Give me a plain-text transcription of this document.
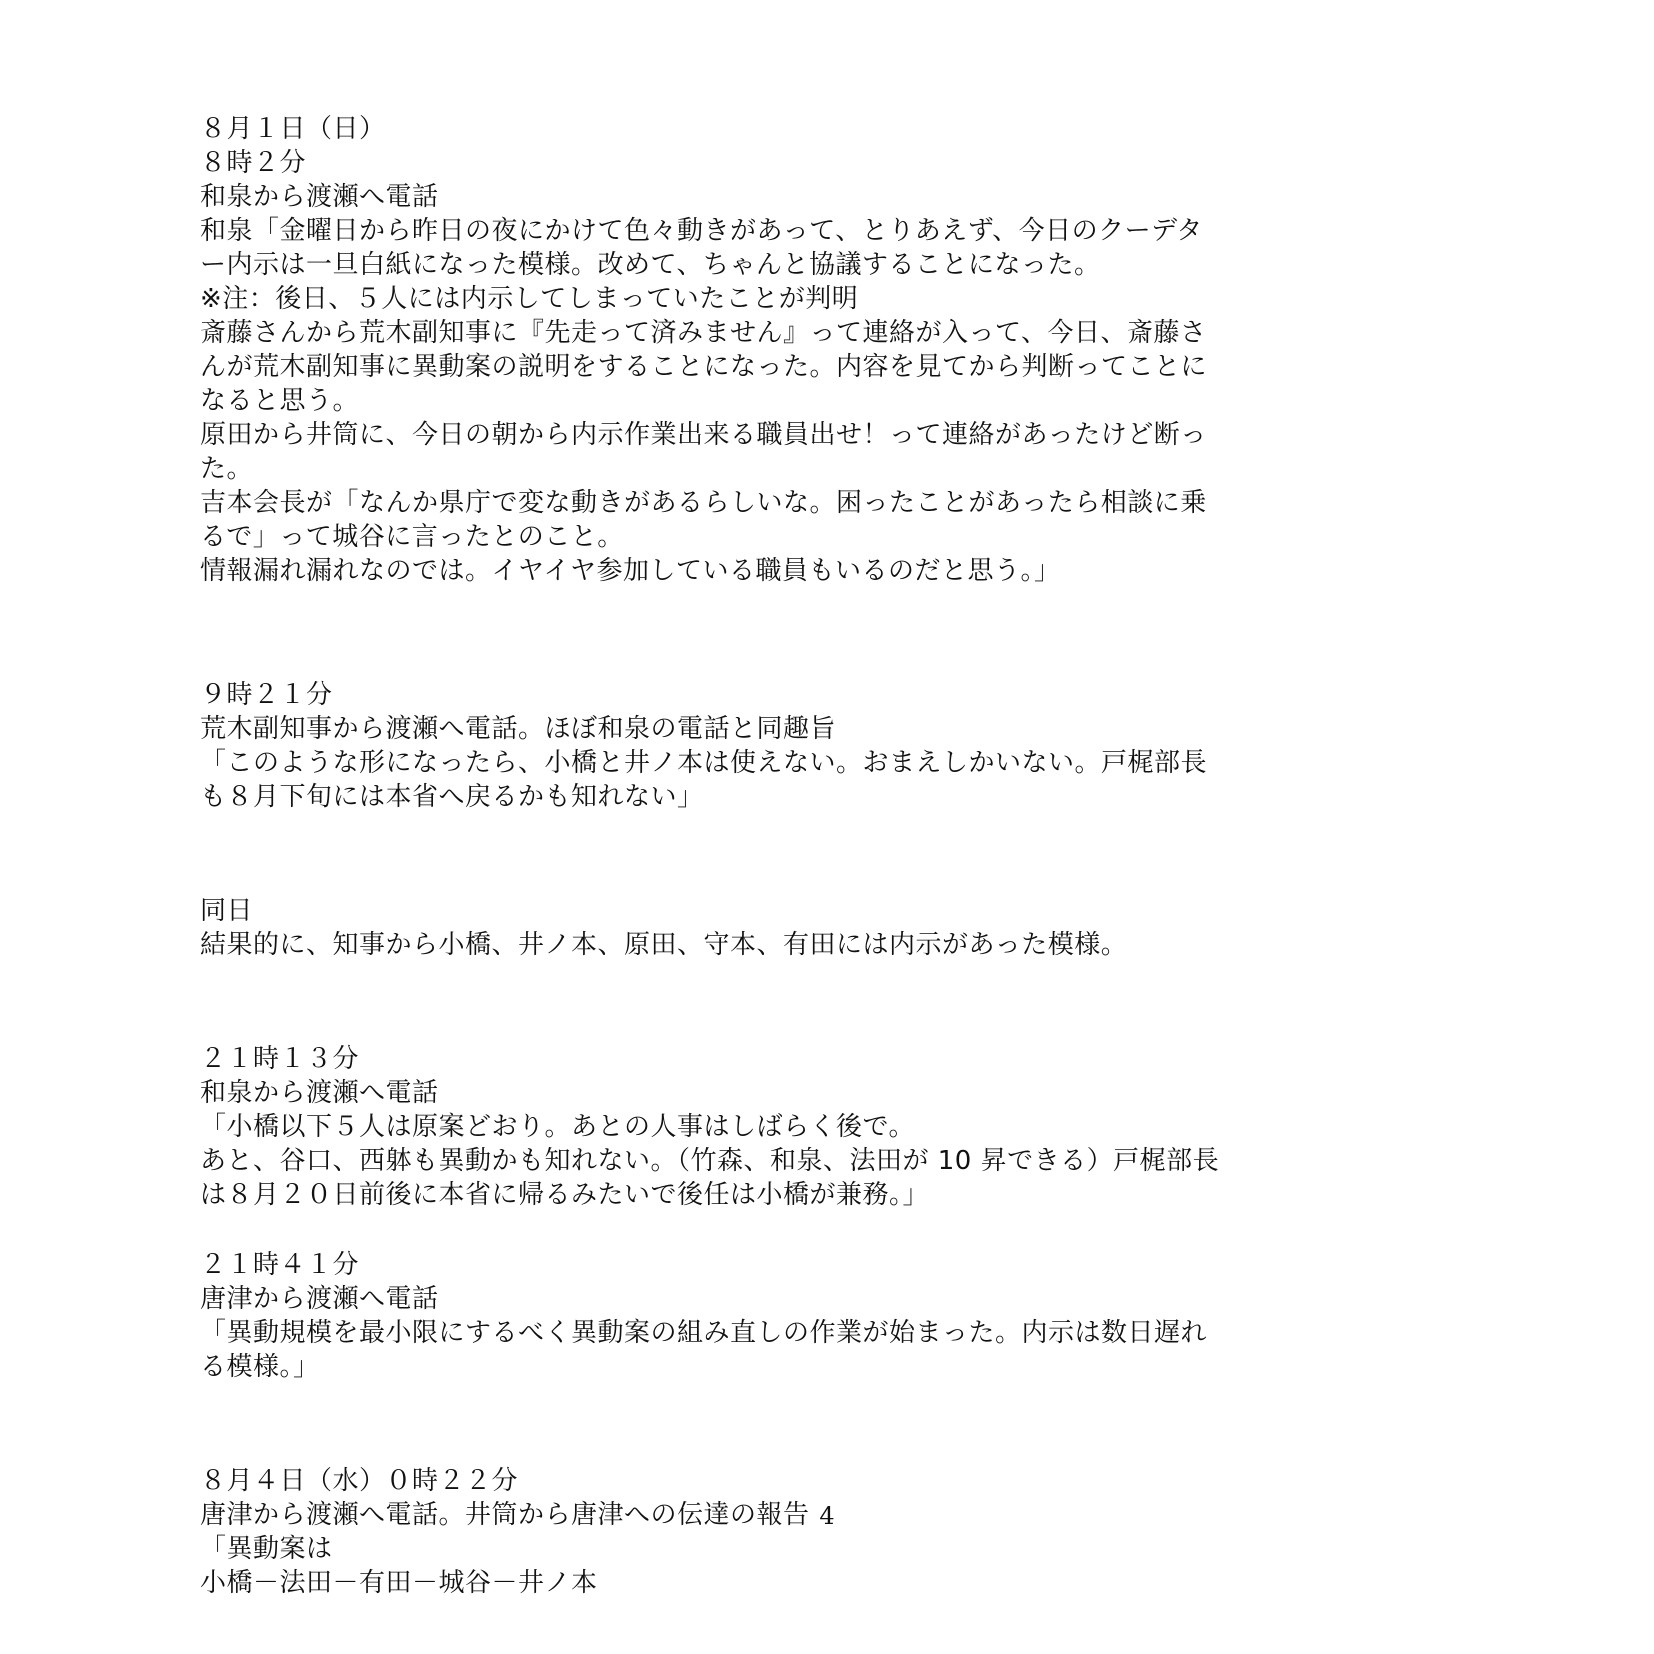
８月１日（日）
８時２分
和泉から渡瀬へ電話
和泉「金曜日から昨日の夜にかけて色々動きがあって、とりあえず、今日のクーデタ
ー内示は一旦白紙になった模様。改めて、ちゃんと協議することになった。
※注：後日、５人には内示してしまっていたことが判明
斎藤さんから荒木副知事に『先走って済みません』って連絡が入って、今日、斎藤さ
んが荒木副知事に異動案の説明をすることになった。内容を見てから判断ってことに
なると思う。
原田から井筒に、今日の朝から内示作業出来る職員出せ！って連絡があったけど断っ
た。
吉本会長が「なんか県庁で変な動きがあるらしいな。困ったことがあったら相談に乗
るで」って城谷に言ったとのこと。
情報漏れ漏れなのでは。イヤイヤ参加している職員もいるのだと思う。」
９時２１分
荒木副知事から渡瀬へ電話。ほぼ和泉の電話と同趣旨
「このような形になったら、小橋と井ノ本は使えない。おまえしかいない。戸梶部長
も８月下旬には本省へ戻るかも知れない」
同日
結果的に、知事から小橋、井ノ本、原田、守本、有田には内示があった模様。
２１時１３分
和泉から渡瀬へ電話
「小橋以下５人は原案どおり。あとの人事はしばらく後で。
あと、谷口、西躰も異動かも知れない。（竹森、和泉、法田が 10 昇できる）戸梶部長
は８月２０日前後に本省に帰るみたいで後任は小橋が兼務。」
２１時４１分
唐津から渡瀬へ電話
「異動規模を最小限にするべく異動案の組み直しの作業が始まった。内示は数日遅れ
る模様。」
８月４日（水）０時２２分
唐津から渡瀬へ電話。井筒から唐津への伝達の報告
「異動案は
小橋－法田－有田－城谷－井ノ本
4
